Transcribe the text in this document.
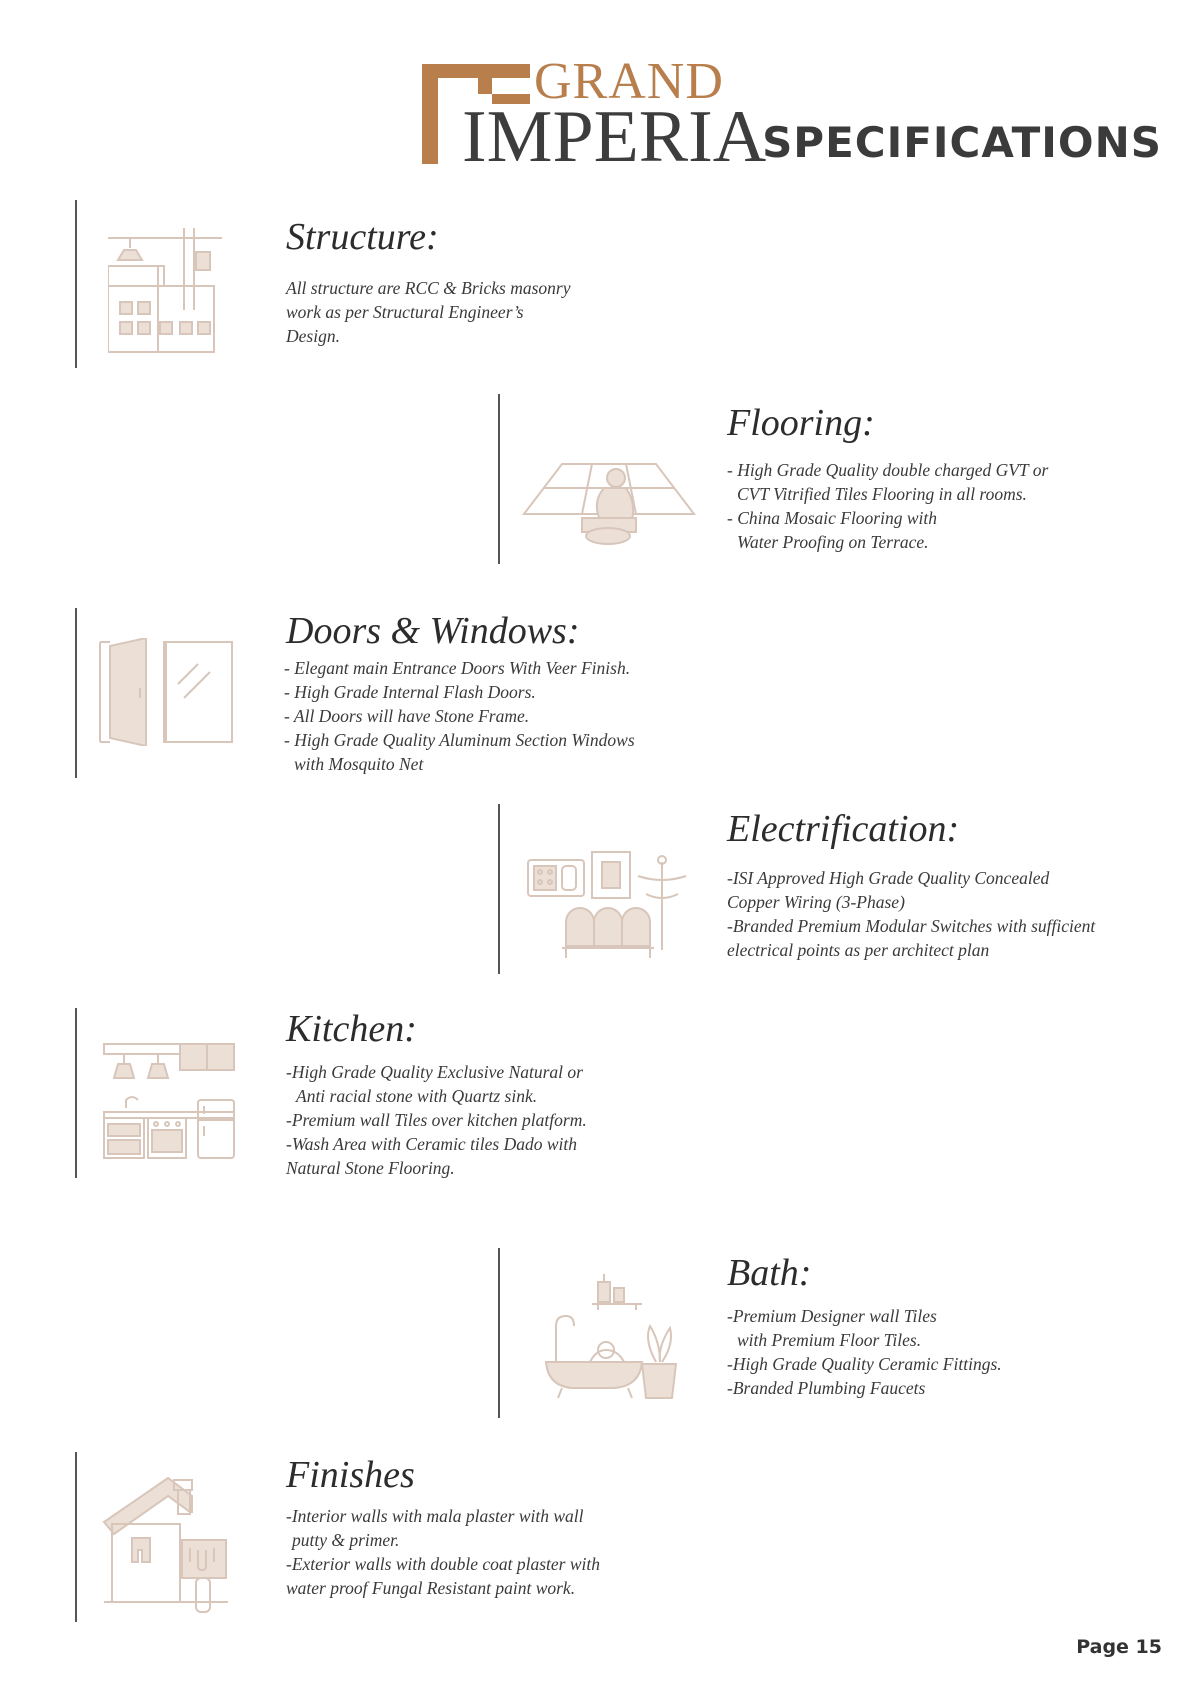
GRAND
IMPERIA
SPECIFICATIONS
Structure:
All structure are RCC & Bricks masonry
work as per Structural Engineer’s
Design.
Flooring:
- High Grade Quality double charged GVT or
CVT Vitrified Tiles Flooring in all rooms.
- China Mosaic Flooring with
Water Proofing on Terrace.
Doors & Windows:
- Elegant main Entrance Doors With Veer Finish.
- High Grade Internal Flash Doors.
- All Doors will have Stone Frame.
- High Grade Quality Aluminum Section Windows
with Mosquito Net
Electrification:
-ISI Approved High Grade Quality Concealed
Copper Wiring (3-Phase)
-Branded Premium Modular Switches with sufficient
electrical points as per architect plan
Kitchen:
-High Grade Quality Exclusive Natural or
Anti racial stone with Quartz sink.
-Premium wall Tiles over kitchen platform.
-Wash Area with Ceramic tiles Dado with
Natural Stone Flooring.
Bath:
-Premium Designer wall Tiles
with Premium Floor Tiles.
-High Grade Quality Ceramic Fittings.
-Branded Plumbing Faucets
Finishes
-Interior walls with mala plaster with wall
putty & primer.
-Exterior walls with double coat plaster with
water proof Fungal Resistant paint work.
Page 15
